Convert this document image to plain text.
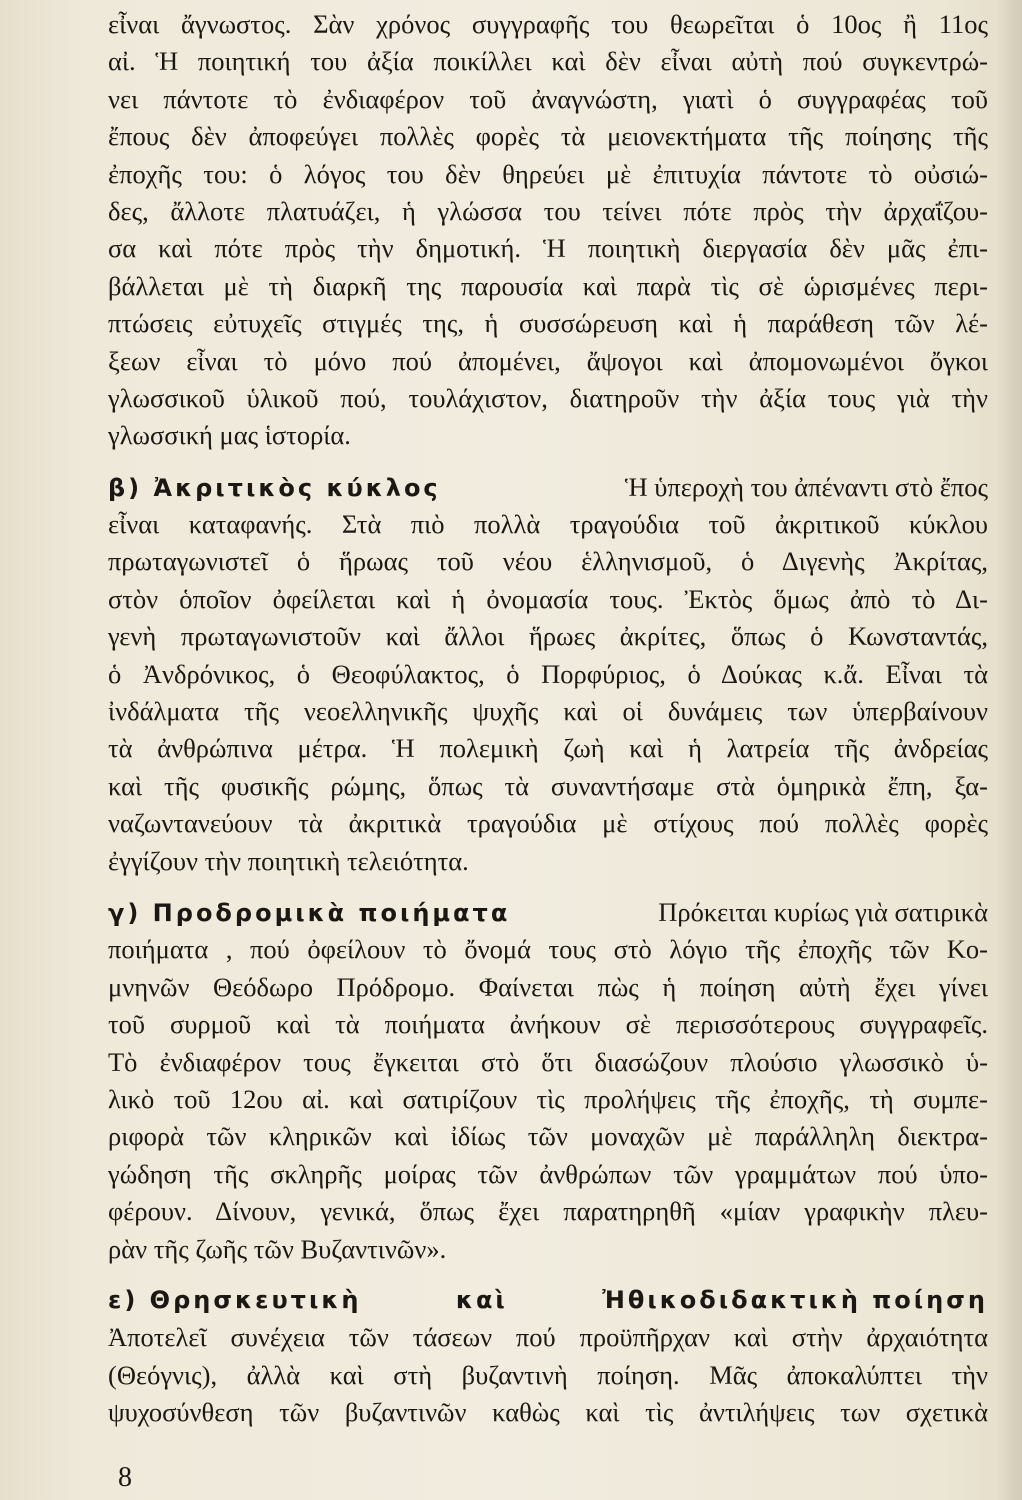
εἶναι ἄγνωστος. Σὰν χρόνος συγγραφῆς του θεωρεῖται ὁ 10ος ἢ 11ος
αἰ. Ἡ ποιητική του ἀξία ποικίλλει καὶ δὲν εἶναι αὐτὴ πού συγκεντρώ-
νει πάντοτε τὸ ἐνδιαφέρον τοῦ ἀναγνώστη, γιατὶ ὁ συγγραφέας τοῦ
ἔπους δὲν ἀποφεύγει πολλὲς φορὲς τὰ μειονεκτήματα τῆς ποίησης τῆς
ἐποχῆς του: ὁ λόγος του δὲν θηρεύει μὲ ἐπιτυχία πάντοτε τὸ οὐσιώ-
δες, ἄλλοτε πλατυάζει, ἡ γλώσσα του τείνει πότε πρὸς τὴν ἀρχαΐζου-
σα καὶ πότε πρὸς τὴν δημοτική. Ἡ ποιητικὴ διεργασία δὲν μᾶς ἐπι-
βάλλεται μὲ τὴ διαρκῆ της παρουσία καὶ παρὰ τὶς σὲ ὡρισμένες περι-
πτώσεις εὐτυχεῖς στιγμές της, ἡ συσσώρευση καὶ ἡ παράθεση τῶν λέ-
ξεων εἶναι τὸ μόνο πού ἀπομένει, ἄψογοι καὶ ἀπομονωμένοι ὄγκοι
γλωσσικοῦ ὑλικοῦ πού, τουλάχιστον, διατηροῦν τὴν ἀξία τους γιὰ τὴν
γλωσσική μας ἱστορία.
β) Ἀκριτικὸς κύκλος	Ἡ ὑπεροχὴ του ἀπέναντι στὸ ἔπος
εἶναι καταφανής. Στὰ πιὸ πολλὰ τραγούδια τοῦ ἀκριτικοῦ κύκλου
πρωταγωνιστεῖ ὁ ἥρωας τοῦ νέου ἑλληνισμοῦ, ὁ Διγενὴς Ἀκρίτας,
στὸν ὁποῖον ὀφείλεται καὶ ἡ ὀνομασία τους. Ἐκτὸς ὅμως ἀπὸ τὸ Δι-
γενὴ πρωταγωνιστοῦν καὶ ἄλλοι ἥρωες ἀκρίτες, ὅπως ὁ Κωνσταντάς,
ὁ Ἀνδρόνικος, ὁ Θεοφύλακτος, ὁ Πορφύριος, ὁ Δούκας κ.ἄ. Εἶναι τὰ
ἰνδάλματα τῆς νεοελληνικῆς ψυχῆς καὶ οἱ δυνάμεις των ὑπερβαίνουν
τὰ ἀνθρώπινα μέτρα. Ἡ πολεμικὴ ζωὴ καὶ ἡ λατρεία τῆς ἀνδρείας
καὶ τῆς φυσικῆς ρώμης, ὅπως τὰ συναντήσαμε στὰ ὁμηρικὰ ἔπη, ξα-
ναζωντανεύουν τὰ ἀκριτικὰ τραγούδια μὲ στίχους πού πολλὲς φορὲς
ἐγγίζουν τὴν ποιητικὴ τελειότητα.
γ) Προδρομικὰ ποιήματα	Πρόκειται κυρίως γιὰ σατιρικὰ
ποιήματα , πού ὀφείλουν τὸ ὄνομά τους στὸ λόγιο τῆς ἐποχῆς τῶν Κο-
μνηνῶν Θεόδωρο Πρόδρομο. Φαίνεται πὼς ἡ ποίηση αὐτὴ ἔχει γίνει
τοῦ συρμοῦ καὶ τὰ ποιήματα ἀνήκουν σὲ περισσότερους συγγραφεῖς.
Τὸ ἐνδιαφέρον τους ἔγκειται στὸ ὅτι διασώζουν πλούσιο γλωσσικὸ ὑ-
λικὸ τοῦ 12ου αἰ. καὶ σατιρίζουν τὶς προλήψεις τῆς ἐποχῆς, τὴ συμπε-
ριφορὰ τῶν κληρικῶν καὶ ἰδίως τῶν μοναχῶν μὲ παράλληλη διεκτρα-
γώδηση τῆς σκληρῆς μοίρας τῶν ἀνθρώπων τῶν γραμμάτων πού ὑπο-
φέρουν. Δίνουν, γενικά, ὅπως ἔχει παρατηρηθῆ «μίαν γραφικὴν πλευ-
ρὰν τῆς ζωῆς τῶν Βυζαντινῶν».
ε) Θρησκευτικὴ	καὶ	Ἠθικοδιδακτικὴ ποίηση
Ἀποτελεῖ συνέχεια τῶν τάσεων πού προϋπῆρχαν καὶ στὴν ἀρχαιότητα
(Θεόγνις), ἀλλὰ καὶ στὴ βυζαντινὴ ποίηση. Μᾶς ἀποκαλύπτει τὴν
ψυχοσύνθεση τῶν βυζαντινῶν καθὼς καὶ τὶς ἀντιλήψεις των σχετικὰ
8
